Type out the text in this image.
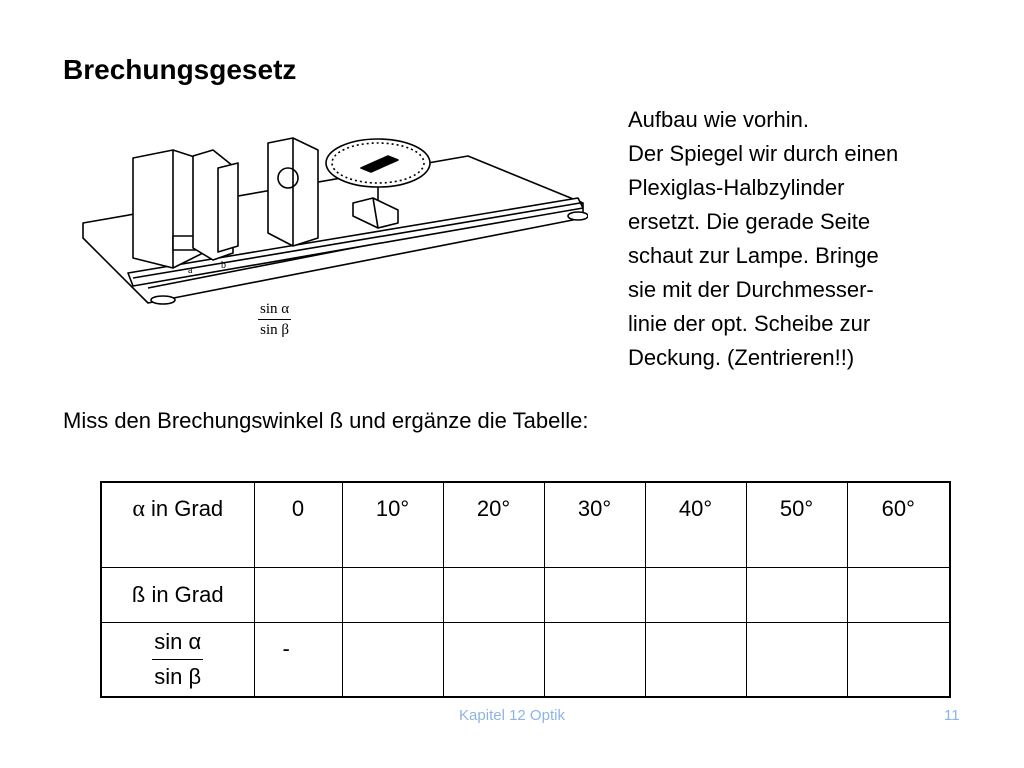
Brechungsgesetz
Aufbau wie vorhin.
Der Spiegel wir durch einen
Plexiglas-Halbzylinder
ersetzt. Die gerade Seite
schaut zur Lampe. Bringe
sie mit der Durchmesser-
linie der opt. Scheibe zur
Deckung. (Zentrieren!!)
a	b
$\frac{\text{sin α}}{\text{sin β}}$
Miss den Brechungswinkel ß und ergänze die Tabelle:
α in Grad	0	10°	20°	30°	40°	50°	60°
ß in Grad							

$\frac{\text{sin α}}{\text{sin β}}$	-						

Kapitel 12 Optik	11
